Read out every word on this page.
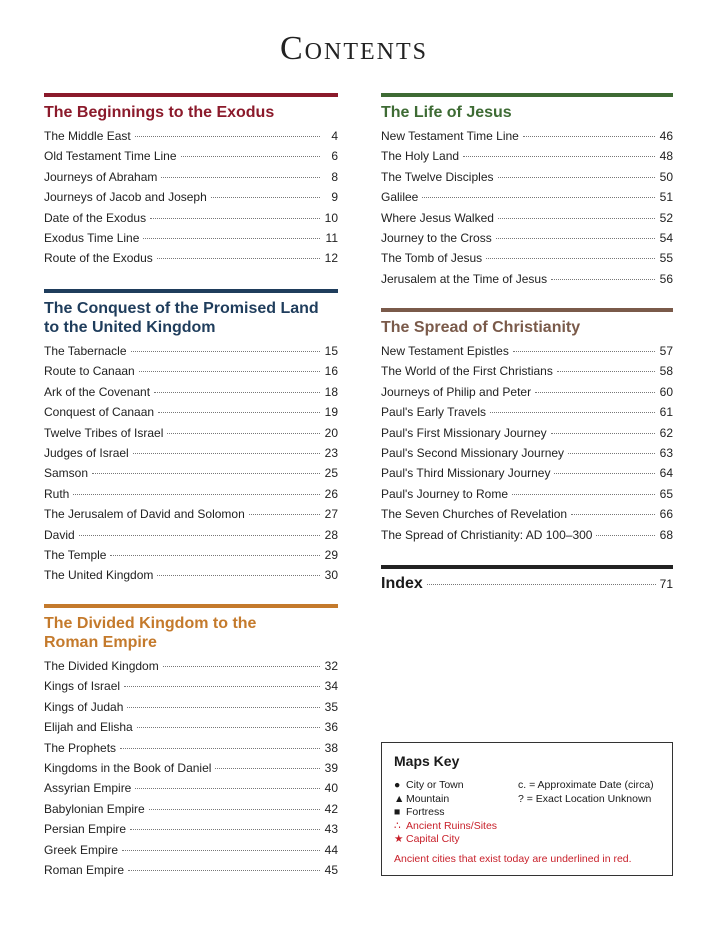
Contents
The Beginnings to the Exodus
The Middle East	4
Old Testament Time Line	6
Journeys of Abraham	8
Journeys of Jacob and Joseph	9
Date of the Exodus	10
Exodus Time Line	11
Route of the Exodus	12
The Conquest of the Promised Land
to the United Kingdom
The Tabernacle	15
Route to Canaan	16
Ark of the Covenant	18
Conquest of Canaan	19
Twelve Tribes of Israel	20
Judges of Israel	23
Samson	25
Ruth	26
The Jerusalem of David and Solomon	27
David	28
The Temple	29
The United Kingdom	30
The Divided Kingdom to the
Roman Empire
The Divided Kingdom	32
Kings of Israel	34
Kings of Judah	35
Elijah and Elisha	36
The Prophets	38
Kingdoms in the Book of Daniel	39
Assyrian Empire	40
Babylonian Empire	42
Persian Empire	43
Greek Empire	44
Roman Empire	45
The Life of Jesus
New Testament Time Line	46
The Holy Land	48
The Twelve Disciples	50
Galilee	51
Where Jesus Walked	52
Journey to the Cross	54
The Tomb of Jesus	55
Jerusalem at the Time of Jesus	56
The Spread of Christianity
New Testament Epistles	57
The World of the First Christians	58
Journeys of Philip and Peter	60
Paul's Early Travels	61
Paul's First Missionary Journey	62
Paul's Second Missionary Journey	63
Paul's Third Missionary Journey	64
Paul's Journey to Rome	65
The Seven Churches of Revelation	66
The Spread of Christianity: AD 100–300	68
Index	71
Maps Key
● City or Town
▲ Mountain
■ Fortress
∴ Ancient Ruins/Sites
★ Capital City
c. = Approximate Date (circa)
? = Exact Location Unknown
Ancient cities that exist today are underlined in red.
